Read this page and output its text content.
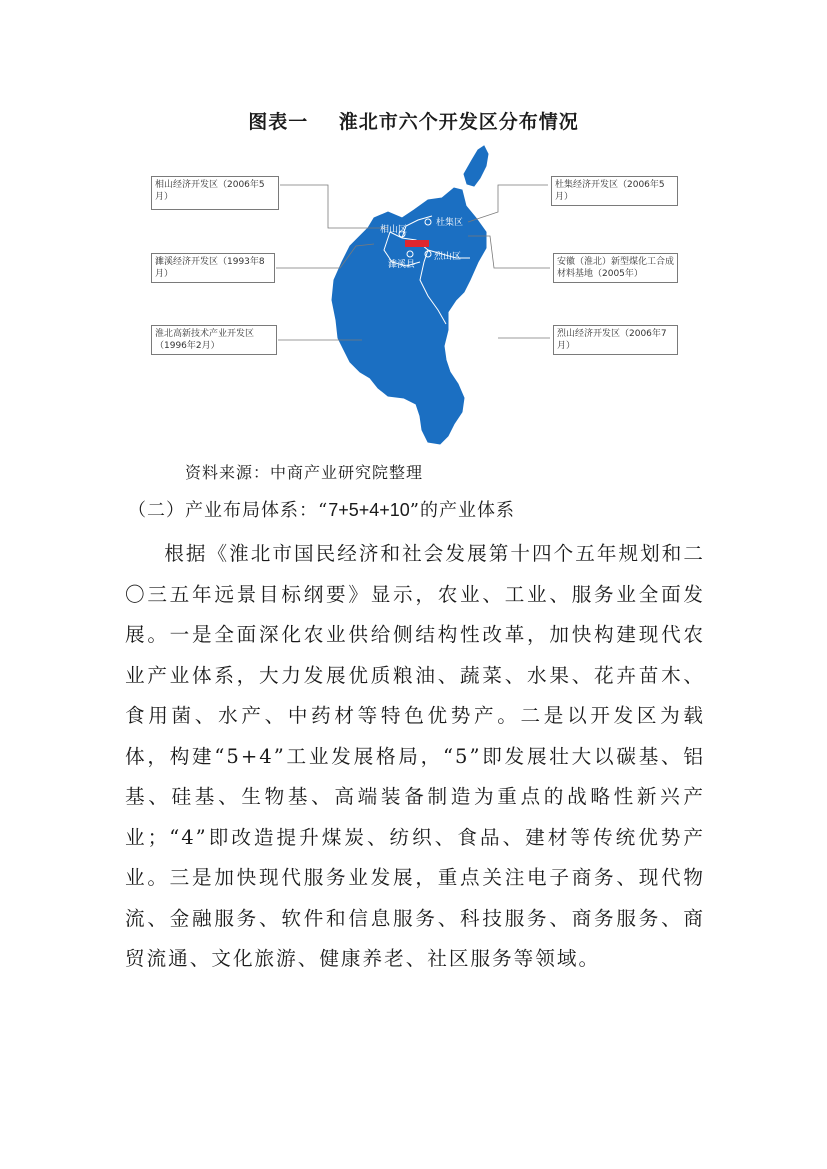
图表一    淮北市六个开发区分布情况
相山区
杜集区
烈山区
濉溪县
相山经济开发区（2006年5月）
濉溪经济开发区（1993年8月）
淮北高新技术产业开发区（1996年2月）
杜集经济开发区（2006年5月）
安徽（淮北）新型煤化工合成材料基地（2005年）
烈山经济开发区（2006年7月）
资料来源：中商产业研究院整理
（二）产业布局体系：“7+5+4+10”的产业体系

根据《淮北市国民经济和社会发展第十四个五年规划和二〇三五年远景目标纲要》显示，农业、工业、服务业全面发展。一是全面深化农业供给侧结构性改革，加快构建现代农业产业体系，大力发展优质粮油、蔬菜、水果、花卉苗木、食用菌、水产、中药材等特色优势产。二是以开发区为载体，构建“5+4”工业发展格局，“5”即发展壮大以碳基、铝基、硅基、生物基、高端装备制造为重点的战略性新兴产业；“4”即改造提升煤炭、纺织、食品、建材等传统优势产业。三是加快现代服务业发展，重点关注电子商务、现代物流、金融服务、软件和信息服务、科技服务、商务服务、商贸流通、文化旅游、健康养老、社区服务等领域。
